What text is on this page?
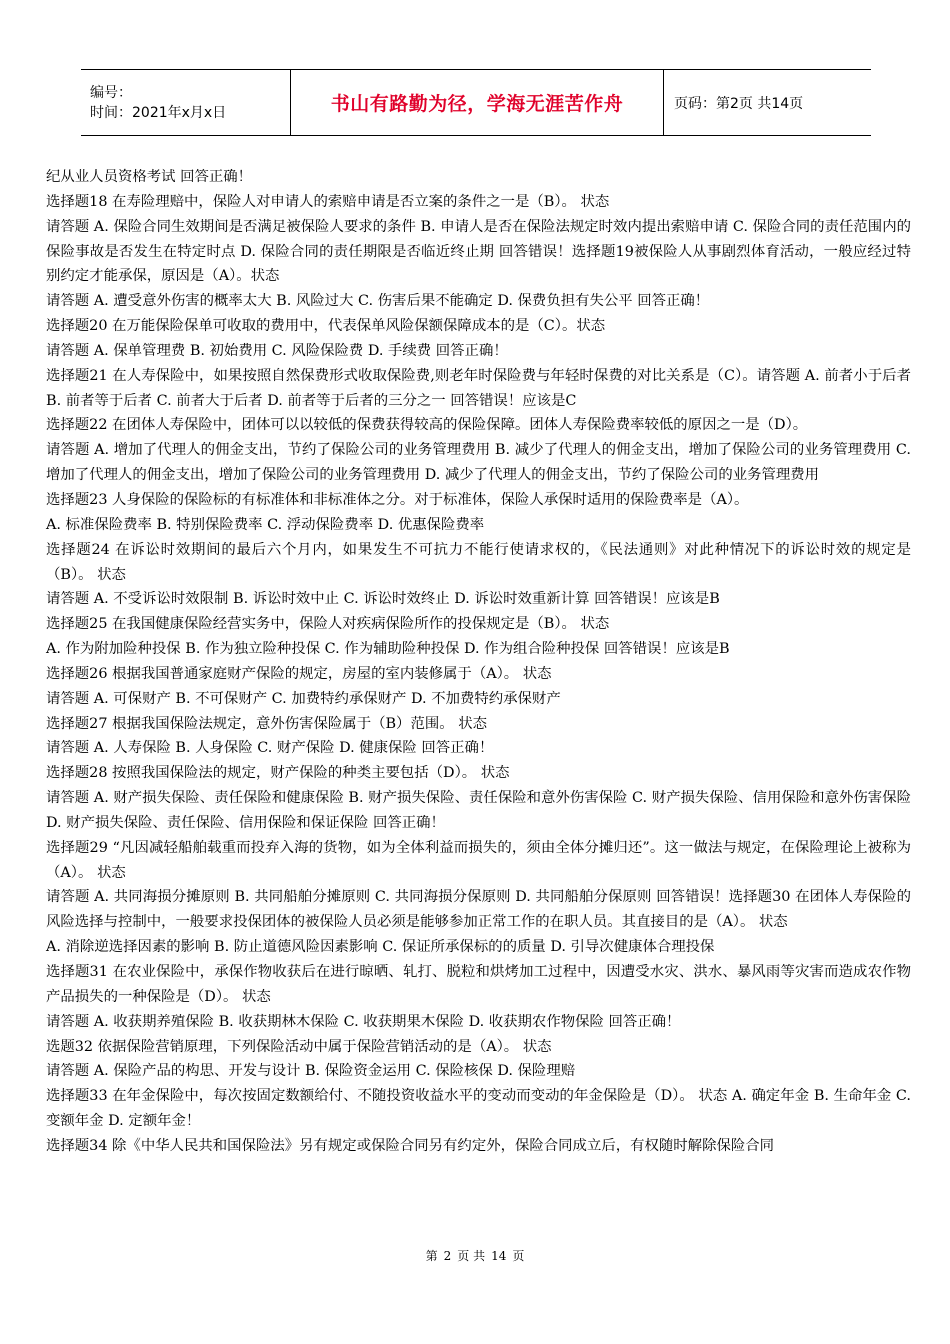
编号：
时间：2021年x月x日	书山有路勤为径，学海无涯苦作舟	页码：第2页 共14页

纪从业人员资格考试 回答正确！

选择题18 在寿险理赔中，保险人对申请人的索赔申请是否立案的条件之一是（B）。 状态

请答题 A. 保险合同生效期间是否满足被保险人要求的条件 B. 申请人是否在保险法规定时效内提出索赔申请 C. 保险合同的责任范围内的保险事故是否发生在特定时点 D. 保险合同的责任期限是否临近终止期 回答错误！选择题19被保险人从事剧烈体育活动，一般应经过特别约定才能承保，原因是（A）。状态

请答题 A. 遭受意外伤害的概率太大 B. 风险过大 C. 伤害后果不能确定 D. 保费负担有失公平 回答正确！

选择题20 在万能保险保单可收取的费用中，代表保单风险保额保障成本的是（C）。状态

请答题 A. 保单管理费 B. 初始费用 C. 风险保险费 D. 手续费 回答正确！

选择题21 在人寿保险中，如果按照自然保费形式收取保险费,则老年时保险费与年轻时保费的对比关系是（C）。请答题 A. 前者小于后者 B. 前者等于后者 C. 前者大于后者 D. 前者等于后者的三分之一 回答错误！应该是C

选择题22 在团体人寿保险中，团体可以以较低的保费获得较高的保险保障。团体人寿保险费率较低的原因之一是（D）。

请答题 A. 增加了代理人的佣金支出，节约了保险公司的业务管理费用 B. 减少了代理人的佣金支出，增加了保险公司的业务管理费用 C. 增加了代理人的佣金支出，增加了保险公司的业务管理费用 D. 减少了代理人的佣金支出，节约了保险公司的业务管理费用

选择题23 人身保险的保险标的有标准体和非标准体之分。对于标准体，保险人承保时适用的保险费率是（A）。

A. 标准保险费率 B. 特别保险费率 C. 浮动保险费率 D. 优惠保险费率

选择题24 在诉讼时效期间的最后六个月内，如果发生不可抗力不能行使请求权的，《民法通则》对此种情况下的诉讼时效的规定是（B）。 状态

请答题 A. 不受诉讼时效限制 B. 诉讼时效中止 C. 诉讼时效终止 D. 诉讼时效重新计算 回答错误！应该是B

选择题25 在我国健康保险经营实务中，保险人对疾病保险所作的投保规定是（B）。 状态

A. 作为附加险种投保 B. 作为独立险种投保 C. 作为辅助险种投保 D. 作为组合险种投保 回答错误！应该是B

选择题26 根据我国普通家庭财产保险的规定，房屋的室内装修属于（A）。 状态

请答题 A. 可保财产 B. 不可保财产 C. 加费特约承保财产 D. 不加费特约承保财产

选择题27 根据我国保险法规定，意外伤害保险属于（B）范围。 状态

请答题 A. 人寿保险 B. 人身保险 C. 财产保险 D. 健康保险 回答正确！

选择题28 按照我国保险法的规定，财产保险的种类主要包括（D）。 状态

请答题 A. 财产损失保险、责任保险和健康保险 B. 财产损失保险、责任保险和意外伤害保险 C. 财产损失保险、信用保险和意外伤害保险 D. 财产损失保险、责任保险、信用保险和保证保险 回答正确！

选择题29 “凡因减轻船舶载重而投弃入海的货物，如为全体利益而损失的，须由全体分摊归还”。这一做法与规定，在保险理论上被称为（A）。 状态

请答题 A. 共同海损分摊原则 B. 共同船舶分摊原则 C. 共同海损分保原则 D. 共同船舶分保原则 回答错误！选择题30 在团体人寿保险的风险选择与控制中，一般要求投保团体的被保险人员必须是能够参加正常工作的在职人员。其直接目的是（A）。 状态

A. 消除逆选择因素的影响 B. 防止道德风险因素影响 C. 保证所承保标的的质量 D. 引导次健康体合理投保

选择题31 在农业保险中，承保作物收获后在进行晾晒、轧打、脱粒和烘烤加工过程中，因遭受水灾、洪水、暴风雨等灾害而造成农作物产品损失的一种保险是（D）。 状态

请答题 A. 收获期养殖保险 B. 收获期林木保险 C. 收获期果木保险 D. 收获期农作物保险 回答正确！

选题32 依据保险营销原理，下列保险活动中属于保险营销活动的是（A）。 状态

请答题 A. 保险产品的构思、开发与设计 B. 保险资金运用 C. 保险核保 D. 保险理赔

选择题33 在年金保险中，每次按固定数额给付、不随投资收益水平的变动而变动的年金保险是（D）。 状态 A. 确定年金 B. 生命年金 C. 变额年金 D. 定额年金！

选择题34 除《中华人民共和国保险法》另有规定或保险合同另有约定外，保险合同成立后，有权随时解除保险合同

第 2 页 共 14 页
